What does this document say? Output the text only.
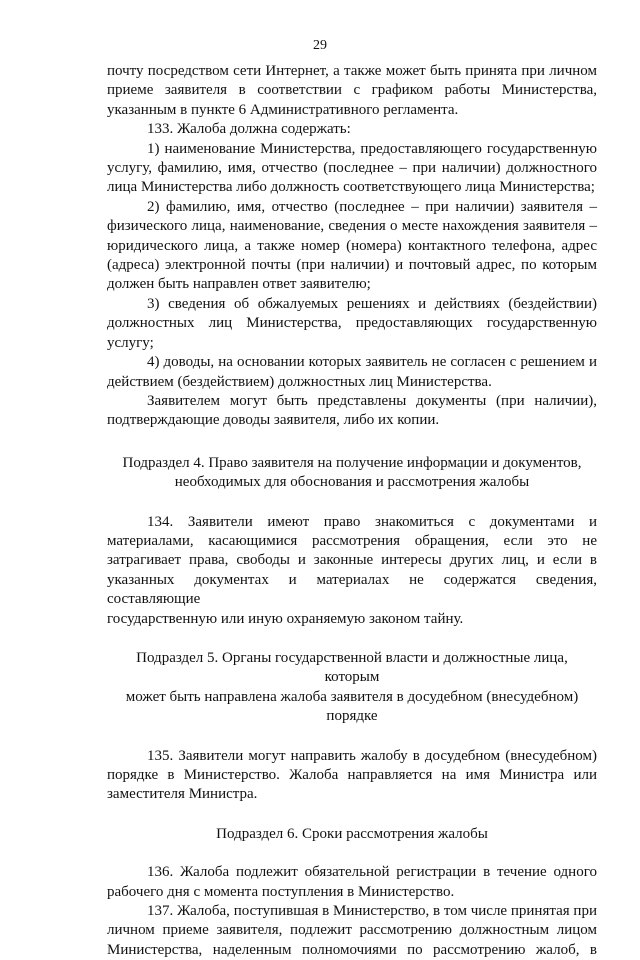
29

почту посредством сети Интернет, а также может быть принята при личном

приеме заявителя в соответствии с графиком работы Министерства,

указанным в пункте 6 Административного регламента.

133. Жалоба должна содержать:

1) наименование Министерства, предоставляющего государственную

услугу, фамилию, имя, отчество (последнее – при наличии) должностного

лица Министерства либо должность соответствующего лица Министерства;

2) фамилию, имя, отчество (последнее – при наличии) заявителя –

физического лица, наименование, сведения о месте нахождения заявителя –

юридического лица, а также номер (номера) контактного телефона, адрес

(адреса) электронной почты (при наличии) и почтовый адрес, по которым

должен быть направлен ответ заявителю;

3) сведения об обжалуемых решениях и действиях (бездействии)

должностных лиц Министерства, предоставляющих государственную

услугу;

4) доводы, на основании которых заявитель не согласен с решением и

действием (бездействием) должностных лиц Министерства.

Заявителем могут быть представлены документы (при наличии),

подтверждающие доводы заявителя, либо их копии.

Подраздел 4. Право заявителя на получение информации и документов,

необходимых для обоснования и рассмотрения жалобы

134. Заявители имеют право знакомиться с документами и

материалами, касающимися рассмотрения обращения, если это не

затрагивает права, свободы и законные интересы других лиц, и если в

указанных документах и материалах не содержатся сведения, составляющие

государственную или иную охраняемую законом тайну.

Подраздел 5. Органы государственной власти и должностные лица, которым

может быть направлена жалоба заявителя в досудебном (внесудебном)

порядке

135. Заявители могут направить жалобу в досудебном (внесудебном)

порядке в Министерство. Жалоба направляется на имя Министра или

заместителя Министра.

Подраздел 6. Сроки рассмотрения жалобы

136. Жалоба подлежит обязательной регистрации в течение одного

рабочего дня с момента поступления в Министерство.

137. Жалоба, поступившая в Министерство, в том числе принятая при

личном приеме заявителя, подлежит рассмотрению должностным лицом

Министерства, наделенным полномочиями по рассмотрению жалоб, в
